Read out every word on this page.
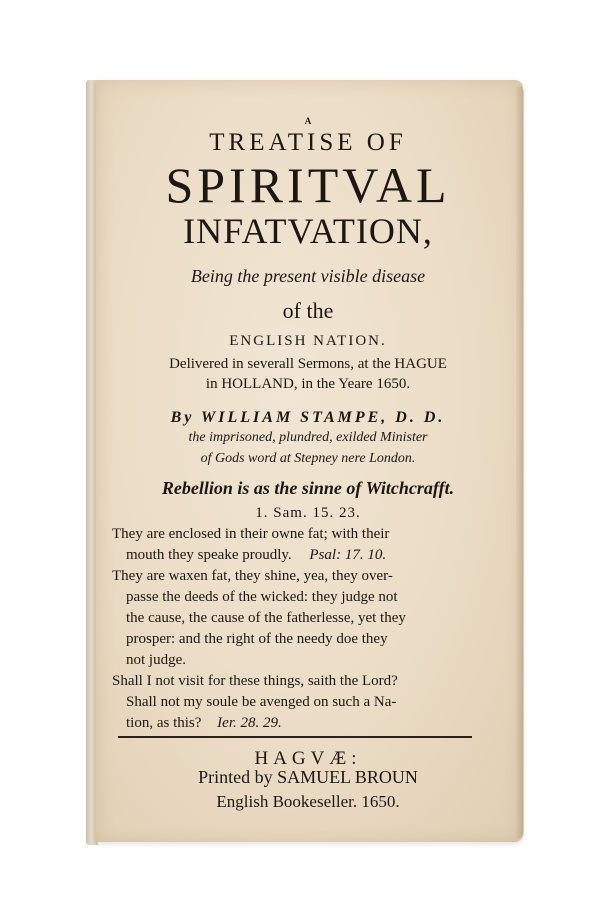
A
TREATISE OF
SPIRITVAL
INFATVATION,
Being the present visible disease
of the
ENGLISH NATION.
Delivered in severall Sermons, at the HAGUE
in HOLLAND, in the Yeare 1650.
By WILLIAM STAMPE, D. D.
the imprisoned, plundred, exilded Minister
of Gods word at Stepney nere London.
Rebellion is as the sinne of Witchcrafft.
1. Sam. 15. 23.
They are enclosed in their owne fat; with their
mouth they speake proudly. Psal: 17. 10.
They are waxen fat, they shine, yea, they over-
passe the deeds of the wicked: they judge not
the cause, the cause of the fatherlesse, yet they
prosper: and the right of the needy doe they
not judge.
Shall I not visit for these things, saith the Lord?
Shall not my soule be avenged on such a Na-
tion, as this? Ier. 28. 29.
HAGVÆ:
Printed by SAMUEL BROUN
English Bookeseller. 1650.
